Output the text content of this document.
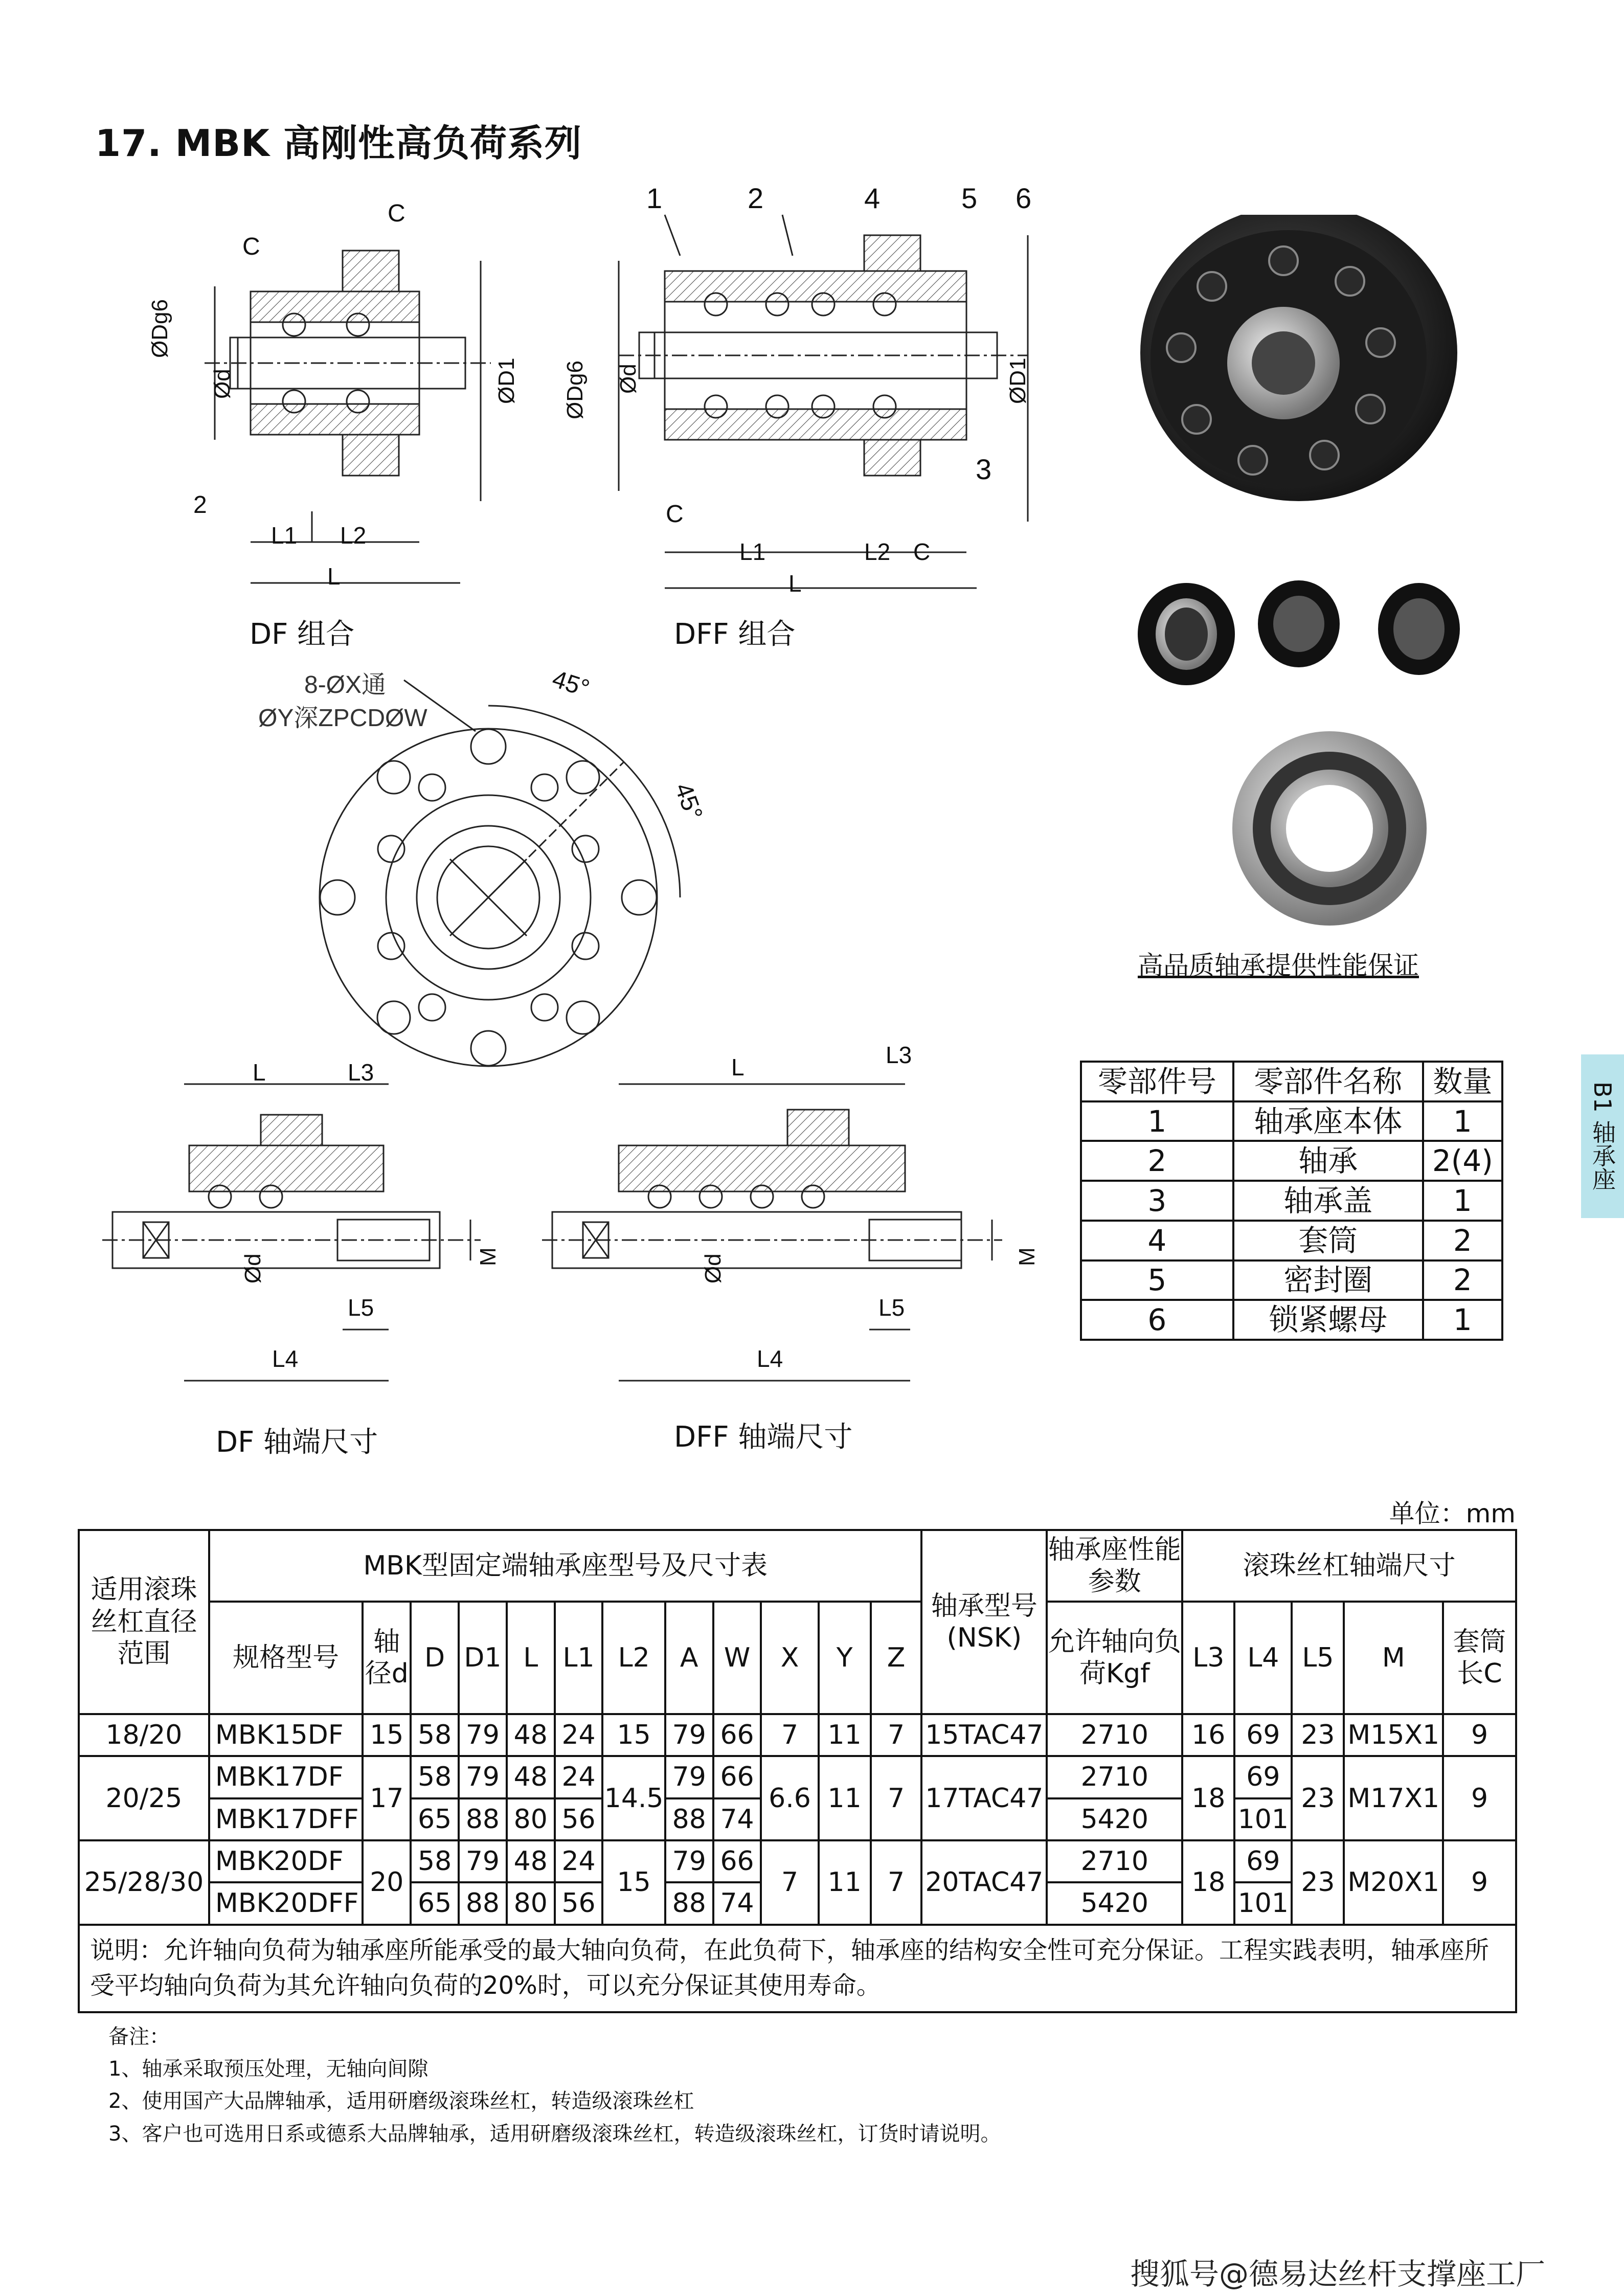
17. MBK 高刚性高负荷系列
C
C
ØDg6
Ød	ØD1
2
L1 L2
L
DF 组合
1	2	4	5 6
3
ØDg6 Ød	ØD1
C
L1	L2 C
L
DFF 组合
高品质轴承提供性能保证
8-ØX通
ØY深ZPCDØW
45°
45°
零部件号	零部件名称	数量
1	轴承座本体	1
2	轴承	2(4)
3	轴承盖	1
4	套筒	2
5	密封圈	2
6	锁紧螺母	1
B1 轴承座
L	L3
Ød	M
L5
L4
DF 轴端尺寸
L	L3
Ød	M
L5
L4
DFF 轴端尺寸
单位：mm
适用滚珠丝杠直径范围	MBK型固定端轴承座型号及尺寸表												轴承型号(NSK)	轴承座性能参数	滚珠丝杠轴端尺寸				
	规格型号	轴径d	D	D1	L	L1	L2	A	W	X	Y	Z		允许轴向负荷Kgf	L3	L4	L5	M	套筒长C
18/20	MBK15DF	15	58	79	48	24	15	79	66	7	11	7	15TAC47	2710	16	69	23	M15X1	9
20/25	MBK17DF	17	58	79	48	24	14.5	79	66	6.6	11	7	17TAC47	2710	18	69	23	M17X1	9
	MBK17DFF		65	88	80	56		88	74					5420		101			
25/28/30	MBK20DF	20	58	79	48	24	15	79	66	7	11	7	20TAC47	2710	18	69	23	M20X1	9
	MBK20DFF		65	88	80	56		88	74					5420		101			
说明：允许轴向负荷为轴承座所能承受的最大轴向负荷，在此负荷下，轴承座的结构安全性可充分保证。工程实践表明，轴承座所受平均轴向负荷为其允许轴向负荷的20%时，可以充分保证其使用寿命。																			
备注：
1、轴承采取预压处理，无轴向间隙
2、使用国产大品牌轴承，适用研磨级滚珠丝杠，转造级滚珠丝杠
3、客户也可选用日系或德系大品牌轴承，适用研磨级滚珠丝杠，转造级滚珠丝杠，订货时请说明。
搜狐号@德易达丝杆支撑座工厂
